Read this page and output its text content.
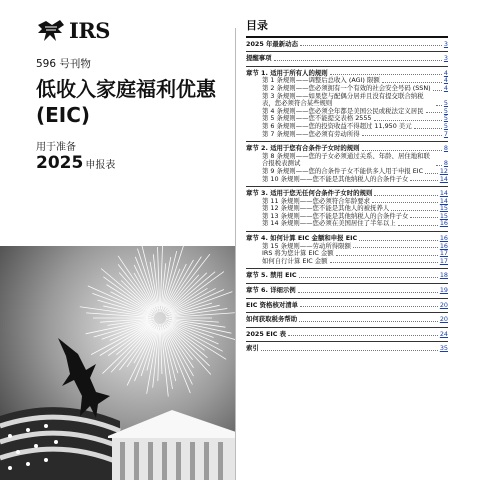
IRS
596 号刊物
低收入家庭福利优惠 (EIC)
用于准备
2025 申报表
目录
2025 年最新动态	3
提醒事项	3
章节 1. 适用于所有人的规则	4
第 1 条规则——调整后总收入 (AGI) 限额	4
第 2 条规则——您必须拥有一个有效的社会安全号码 (SSN) 4
第 3 条规则——如果您与配偶分居并且没有提交联合纳税表，您必须符合某些规则	5
第 4 条规则——您必须全年都是美国公民或税法定义居民	5
第 5 条规则——您不能提交表格 2555	5
第 6 条规则——您的投资收益不得超过 11,950 美元	5
第 7 条规则——您必须有劳动所得	7
章节 2. 适用于您有合条件子女时的规则	8
第 8 条规则——您的子女必须通过关系、年龄、居住地和联合报税表测试	8
第 9 条规则——您的合条件子女不能供多人用于申报 EIC	12
第 10 条规则——您不能是其他纳税人的合条件子女	14
章节 3. 适用于您无任何合条件子女时的规则	14
第 11 条规则——您必须符合年龄要求	14
第 12 条规则——您不能是其他人的被抚养人	15
第 13 条规则——您不能是其他纳税人的合条件子女	15
第 14 条规则——您必须在美国居住了半年以上	16
章节 4. 如何计算 EIC 金额和申报 EIC	16
第 15 条规则——劳动所得限额	16
IRS 将为您计算 EIC 金额	17
如何自行计算 EIC 金额	17
章节 5. 禁用 EIC	18
章节 6. 详细示例	19
EIC 资格核对清单	20
如何获取税务帮助	20
2025 EIC 表	24
索引	35
